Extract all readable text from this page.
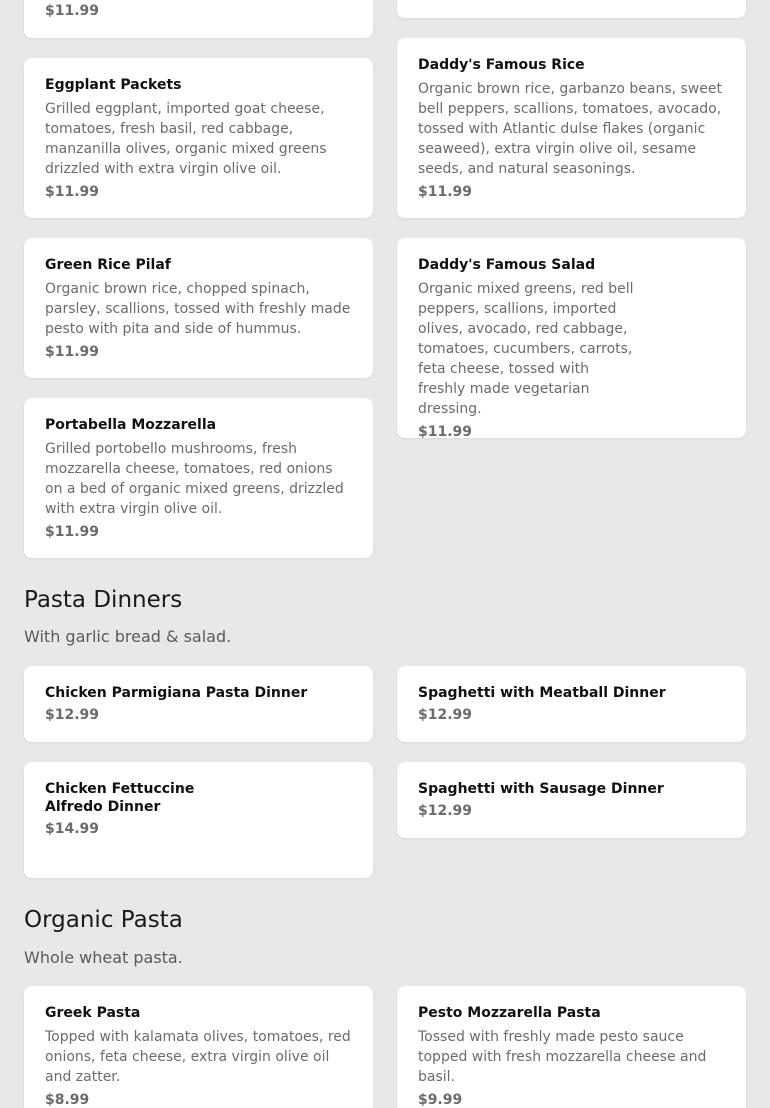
$11.99
Eggplant Packets
Grilled eggplant, imported goat cheese, tomatoes, fresh basil, red cabbage, manzanilla olives, organic mixed greens drizzled with extra virgin olive oil.
$11.99
Daddy's Famous Rice
Organic brown rice, garbanzo beans, sweet bell peppers, scallions, tomatoes, avocado, tossed with Atlantic dulse flakes (organic seaweed), extra virgin olive oil, sesame seeds, and natural seasonings.
$11.99
Green Rice Pilaf
Organic brown rice, chopped spinach, parsley, scallions, tossed with freshly made pesto with pita and side of hummus.
$11.99
Daddy's Famous Salad
Organic mixed greens, red bell peppers, scallions, imported olives, avocado, red cabbage, tomatoes, cucumbers, carrots, feta cheese, tossed with freshly made vegetarian dressing.
$11.99
Portabella Mozzarella
Grilled portobello mushrooms, fresh mozzarella cheese, tomatoes, red onions on a bed of organic mixed greens, drizzled with extra virgin olive oil.
$11.99
Pasta Dinners
With garlic bread & salad.
Chicken Parmigiana Pasta Dinner
$12.99
Spaghetti with Meatball Dinner
$12.99
Chicken Fettuccine Alfredo Dinner
$14.99
Spaghetti with Sausage Dinner
$12.99
Organic Pasta
Whole wheat pasta.
Greek Pasta
Topped with kalamata olives, tomatoes, red onions, feta cheese, extra virgin olive oil and zatter.
$8.99
Pesto Mozzarella Pasta
Tossed with freshly made pesto sauce topped with fresh mozzarella cheese and basil.
$9.99
